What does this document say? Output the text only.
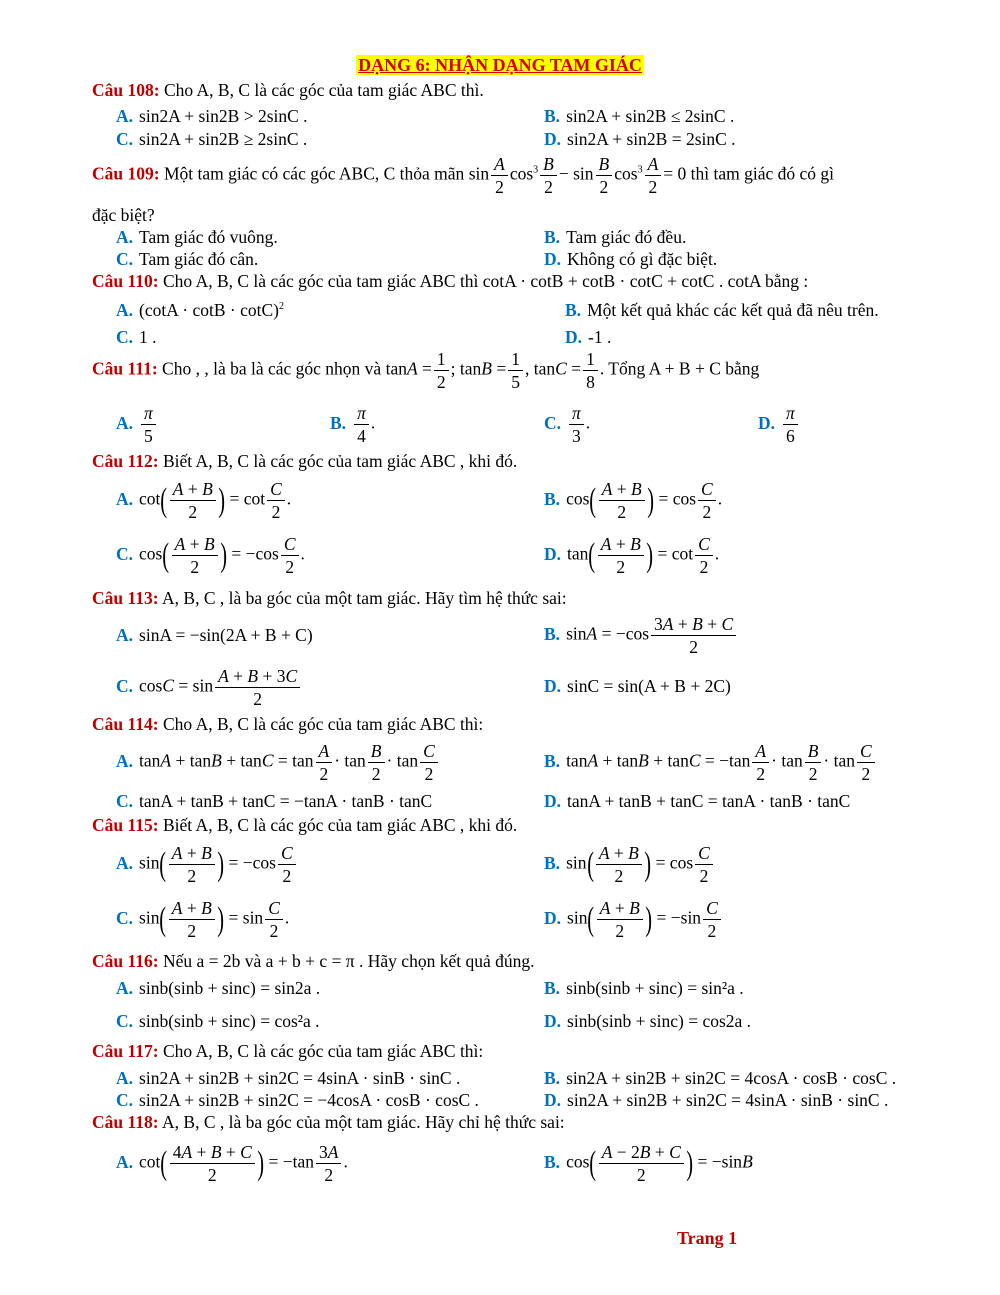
DẠNG 6: NHẬN DẠNG TAM GIÁC
Câu 108: Cho A, B, C là các góc của tam giác ABC thì.
A. sin2A + sin2B > 2sinC .	B. sin2A + sin2B ≤ 2sinC .
C. sin2A + sin2B ≥ 2sinC .	D. sin2A + sin2B = 2sinC .
Câu 109: Một tam giác có các góc ABC, C thỏa mãn $\sin \frac{A}{2} \cos^3 \frac{B}{2} - \sin \frac{B}{2} \cos^3 \frac{A}{2} = 0$ thì tam giác đó có gì
đặc biệt?
A. Tam giác đó vuông.	B. Tam giác đó đều.
C. Tam giác đó cân.	D. Không có gì đặc biệt.
Câu 110: Cho A, B, C là các góc của tam giác ABC thì cotA · cotB + cotB · cotC + cotC . cotA bằng :
A. $(\cot A \cdot \cot B \cdot \cot C)^2$	B. Một kết quả khác các kết quả đã nêu trên.
C. 1 .	D. -1 .
Câu 111: Cho , , là ba là các góc nhọn và $\tan A = \frac{1}{2}$ ; $\tan B = \frac{1}{5}$ , $\tan C = \frac{1}{8}$ . Tổng A + B + C bằng
A. $\frac{\pi}{5}$	B. $\frac{\pi}{4}$ .	C. $\frac{\pi}{3}$ .	D. $\frac{\pi}{6}$
Câu 112: Biết A, B, C là các góc của tam giác ABC , khi đó.
A. $\cot( \frac{A + B}{2}$ ) = $\cot \frac{C}{2}$ .	B. $\cos( \frac{A + B}{2}$ ) = $\cos \frac{C}{2}$ .
C. $\cos( \frac{A + B}{2}$ ) = $-\cos \frac{C}{2}$ .	D. $\tan( \frac{A + B}{2}$ ) = $\cot \frac{C}{2}$ .
Câu 113: A, B, C , là ba góc của một tam giác. Hãy tìm hệ thức sai:
A. sinA = −sin(2A + B + C)	B. $\sin A = -\cos \frac{3A + B + C}{2}$
C. $\cos C = \sin \frac{A + B + 3C}{2}$	D. sinC = sin(A + B + 2C)
Câu 114: Cho A, B, C là các góc của tam giác ABC thì:
A. $\tan A + \tan B + \tan C = \tan \frac{A}{2} \cdot \tan \frac{B}{2} \cdot \tan \frac{C}{2}$	B. $\tan A + \tan B + \tan C = -\tan \frac{A}{2} \cdot \tan \frac{B}{2} \cdot \tan \frac{C}{2}$
C. tanA + tanB + tanC = −tanA · tanB · tanC	D. tanA + tanB + tanC = tanA · tanB · tanC
Câu 115: Biết A, B, C là các góc của tam giác ABC , khi đó.
A. $\sin( \frac{A + B}{2}$ ) = $-\cos \frac{C}{2}$	B. $\sin( \frac{A + B}{2}$ ) = $\cos \frac{C}{2}$
C. $\sin( \frac{A + B}{2}$ ) = $\sin \frac{C}{2}$ .	D. $\sin( \frac{A + B}{2}$ ) = $-\sin \frac{C}{2}$
Câu 116: Nếu a = 2b và a + b + c = π . Hãy chọn kết quả đúng.
A. sinb(sinb + sinc) = sin2a .	B. sinb(sinb + sinc) = sin²a .
C. sinb(sinb + sinc) = cos²a .	D. sinb(sinb + sinc) = cos2a .
Câu 117: Cho A, B, C là các góc của tam giác ABC thì:
A. sin2A + sin2B + sin2C = 4sinA · sinB · sinC .	B. sin2A + sin2B + sin2C = 4cosA · cosB · cosC .
C. sin2A + sin2B + sin2C = −4cosA · cosB · cosC .	D. sin2A + sin2B + sin2C = 4sinA · sinB · sinC .
Câu 118: A, B, C , là ba góc của một tam giác. Hãy chỉ hệ thức sai:
A. $\cot( \frac{4A + B + C}{2}$ ) = $-\tan \frac{3A}{2}$ .	B. $\cos( \frac{A - 2B + C}{2}$ ) = −sinB
Trang 1
